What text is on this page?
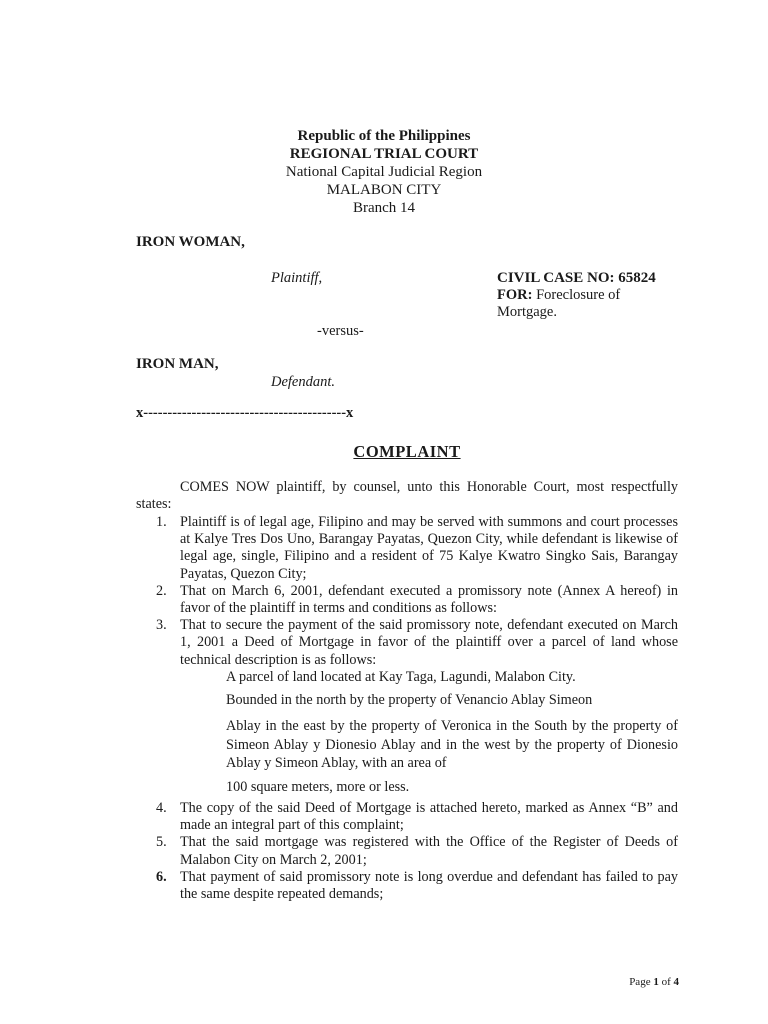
Republic of the Philippines
REGIONAL TRIAL COURT
National Capital Judicial Region
MALABON CITY
Branch 14
IRON WOMAN,
Plaintiff,	CIVIL CASE NO: 65824
FOR: Foreclosure of
Mortgage.
-versus-
IRON MAN,
Defendant.
x------------------------------------------x
COMPLAINT
COMES NOW plaintiff, by counsel, unto this Honorable Court, most respectfully states:
1. Plaintiff is of legal age, Filipino and may be served with summons and court processes at Kalye Tres Dos Uno, Barangay Payatas, Quezon City, while defendant is likewise of legal age, single, Filipino and a resident of 75 Kalye Kwatro Singko Sais, Barangay Payatas, Quezon City;
2. That on March 6, 2001, defendant executed a promissory note (Annex A hereof) in favor of the plaintiff in terms and conditions as follows:
3. That to secure the payment of the said promissory note, defendant executed on March 1, 2001 a Deed of Mortgage in favor of the plaintiff over a parcel of land whose technical description is as follows:
A parcel of land located at Kay Taga, Lagundi, Malabon City.
Bounded in the north by the property of Venancio Ablay Simeon
Ablay in the east by the property of Veronica in the South by the property of Simeon Ablay y Dionesio Ablay and in the west by the property of Dionesio Ablay y Simeon Ablay, with an area of
100 square meters, more or less.
4. The copy of the said Deed of Mortgage is attached hereto, marked as Annex “B” and made an integral part of this complaint;
5. That the said mortgage was registered with the Office of the Register of Deeds of Malabon City on March 2, 2001;
6. That payment of said promissory note is long overdue and defendant has failed to pay the same despite repeated demands;
Page 1 of 4
